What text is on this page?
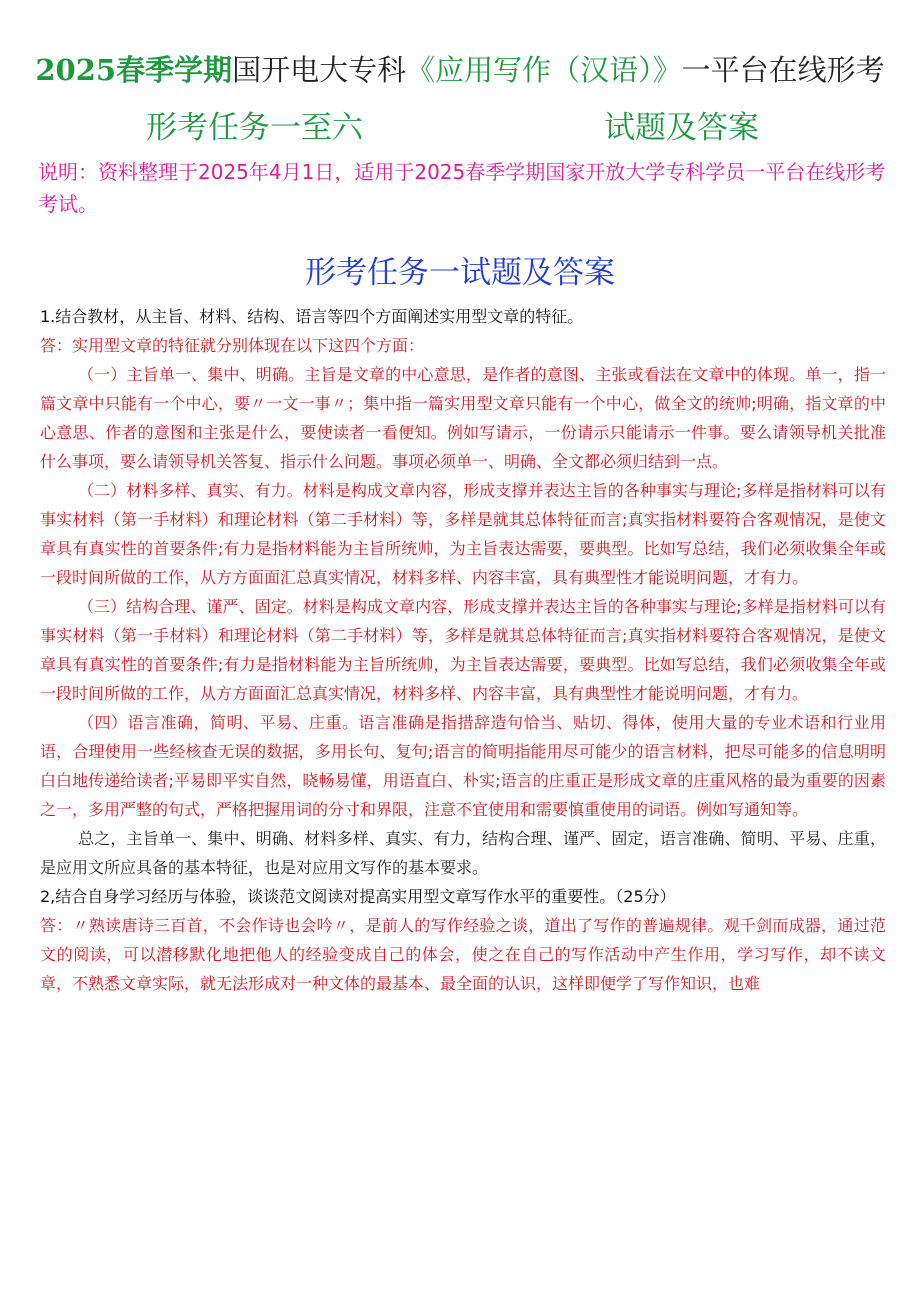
2025春季学期国开电大专科《应用写作（汉语）》一平台在线形考
形考任务一至六	试题及答案
说明：资料整理于2025年4月1日，适用于2025春季学期国家开放大学专科学员一平台在线形考考试。
形考任务一试题及答案

1.结合教材，从主旨、材料、结构、语言等四个方面阐述实用型文章的特征。

答：实用型文章的特征就分别体现在以下这四个方面：

（一）主旨单一、集中、明确。主旨是文章的中心意思，是作者的意图、主张或看法在文章中的体现。单一，指一篇文章中只能有一个中心，要〃一文一事〃；集中指一篇实用型文章只能有一个中心，做全文的统帅;明确，指文章的中心意思、作者的意图和主张是什么，要使读者一看便知。例如写请示，一份请示只能请示一件事。要么请领导机关批准什么事项，要么请领导机关答复、指示什么问题。事项必须单一、明确、全文都必须归结到一点。

（二）材料多样、真实、有力。材料是构成文章内容，形成支撑并表达主旨的各种事实与理论;多样是指材料可以有事实材料（第一手材料）和理论材料（第二手材料）等，多样是就其总体特征而言;真实指材料要符合客观情况，是使文章具有真实性的首要条件;有力是指材料能为主旨所统帅，为主旨表达需要，要典型。比如写总结，我们必须收集全年或一段时间所做的工作，从方方面面汇总真实情况，材料多样、内容丰富，具有典型性才能说明问题，才有力。

（三）结构合理、谨严、固定。材料是构成文章内容，形成支撑并表达主旨的各种事实与理论;多样是指材料可以有事实材料（第一手材料）和理论材料（第二手材料）等，多样是就其总体特征而言;真实指材料要符合客观情况，是使文章具有真实性的首要条件;有力是指材料能为主旨所统帅，为主旨表达需要，要典型。比如写总结，我们必须收集全年或一段时间所做的工作，从方方面面汇总真实情况，材料多样、内容丰富，具有典型性才能说明问题，才有力。

（四）语言准确，简明、平易、庄重。语言准确是指措辞造句恰当、贴切、得体，使用大量的专业术语和行业用语，合理使用一些经核查无误的数据，多用长句、复句;语言的简明指能用尽可能少的语言材料，把尽可能多的信息明明白白地传递给读者;平易即平实自然，晓畅易懂，用语直白、朴实;语言的庄重正是形成文章的庄重风格的最为重要的因素之一，多用严整的句式，严格把握用词的分寸和界限，注意不宜使用和需要慎重使用的词语。例如写通知等。

总之，主旨单一、集中、明确、材料多样、真实、有力，结构合理、谨严、固定，语言准确、简明、平易、庄重，是应用文所应具备的基本特征，也是对应用文写作的基本要求。

2,结合自身学习经历与体验，谈谈范文阅读对提高实用型文章写作水平的重要性。（25分）

答：〃熟读唐诗三百首，不会作诗也会吟〃，是前人的写作经验之谈，道出了写作的普遍规律。观千剑而成器，通过范文的阅读，可以潜移默化地把他人的经验变成自己的体会，使之在自己的写作活动中产生作用，学习写作，却不读文章，不熟悉文章实际，就无法形成对一种文体的最基本、最全面的认识，这样即便学了写作知识，也难
